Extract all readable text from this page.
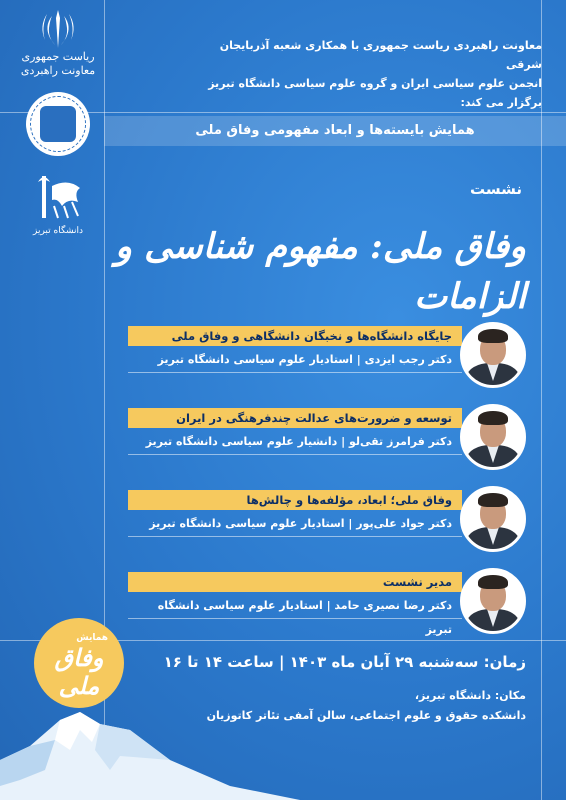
ریاست جمهوری
معاونت راهبردی
دانشگاه تبریز
معاونت راهبردی ریاست جمهوری با همکاری شعبه آذربایجان شرقی
انجمن علوم سیاسی ایران و گروه علوم سیاسی دانشگاه تبریز
برگزار می کند:
همایش بایسته‌ها و ابعاد مفهومی وفاق ملی
نشست
وفاق ملی: مفهوم شناسی و الزامات
جایگاه دانشگاه‌ها و نخبگان دانشگاهی و وفاق ملی
دکتر رجب ایزدی | استادیار علوم سیاسی دانشگاه تبریز
توسعه و ضرورت‌های عدالت چندفرهنگی در ایران
دکتر فرامرز تقی‌لو | دانشیار علوم سیاسی دانشگاه تبریز
وفاق ملی؛ ابعاد، مؤلفه‌ها و چالش‌ها
دکتر جواد علی‌پور | استادیار علوم سیاسی دانشگاه تبریز
مدیر نشست
دکتر رضا نصیری حامد | استادیار علوم سیاسی دانشگاه تبریز
همایش
وفاق ملی
زمان: سه‌شنبه ۲۹ آبان ماه ۱۴۰۳ | ساعت ۱۴ تا ۱۶
مکان: دانشگاه تبریز،
دانشکده حقوق و علوم اجتماعی، سالن آمفی تئاتر کاتوزیان
